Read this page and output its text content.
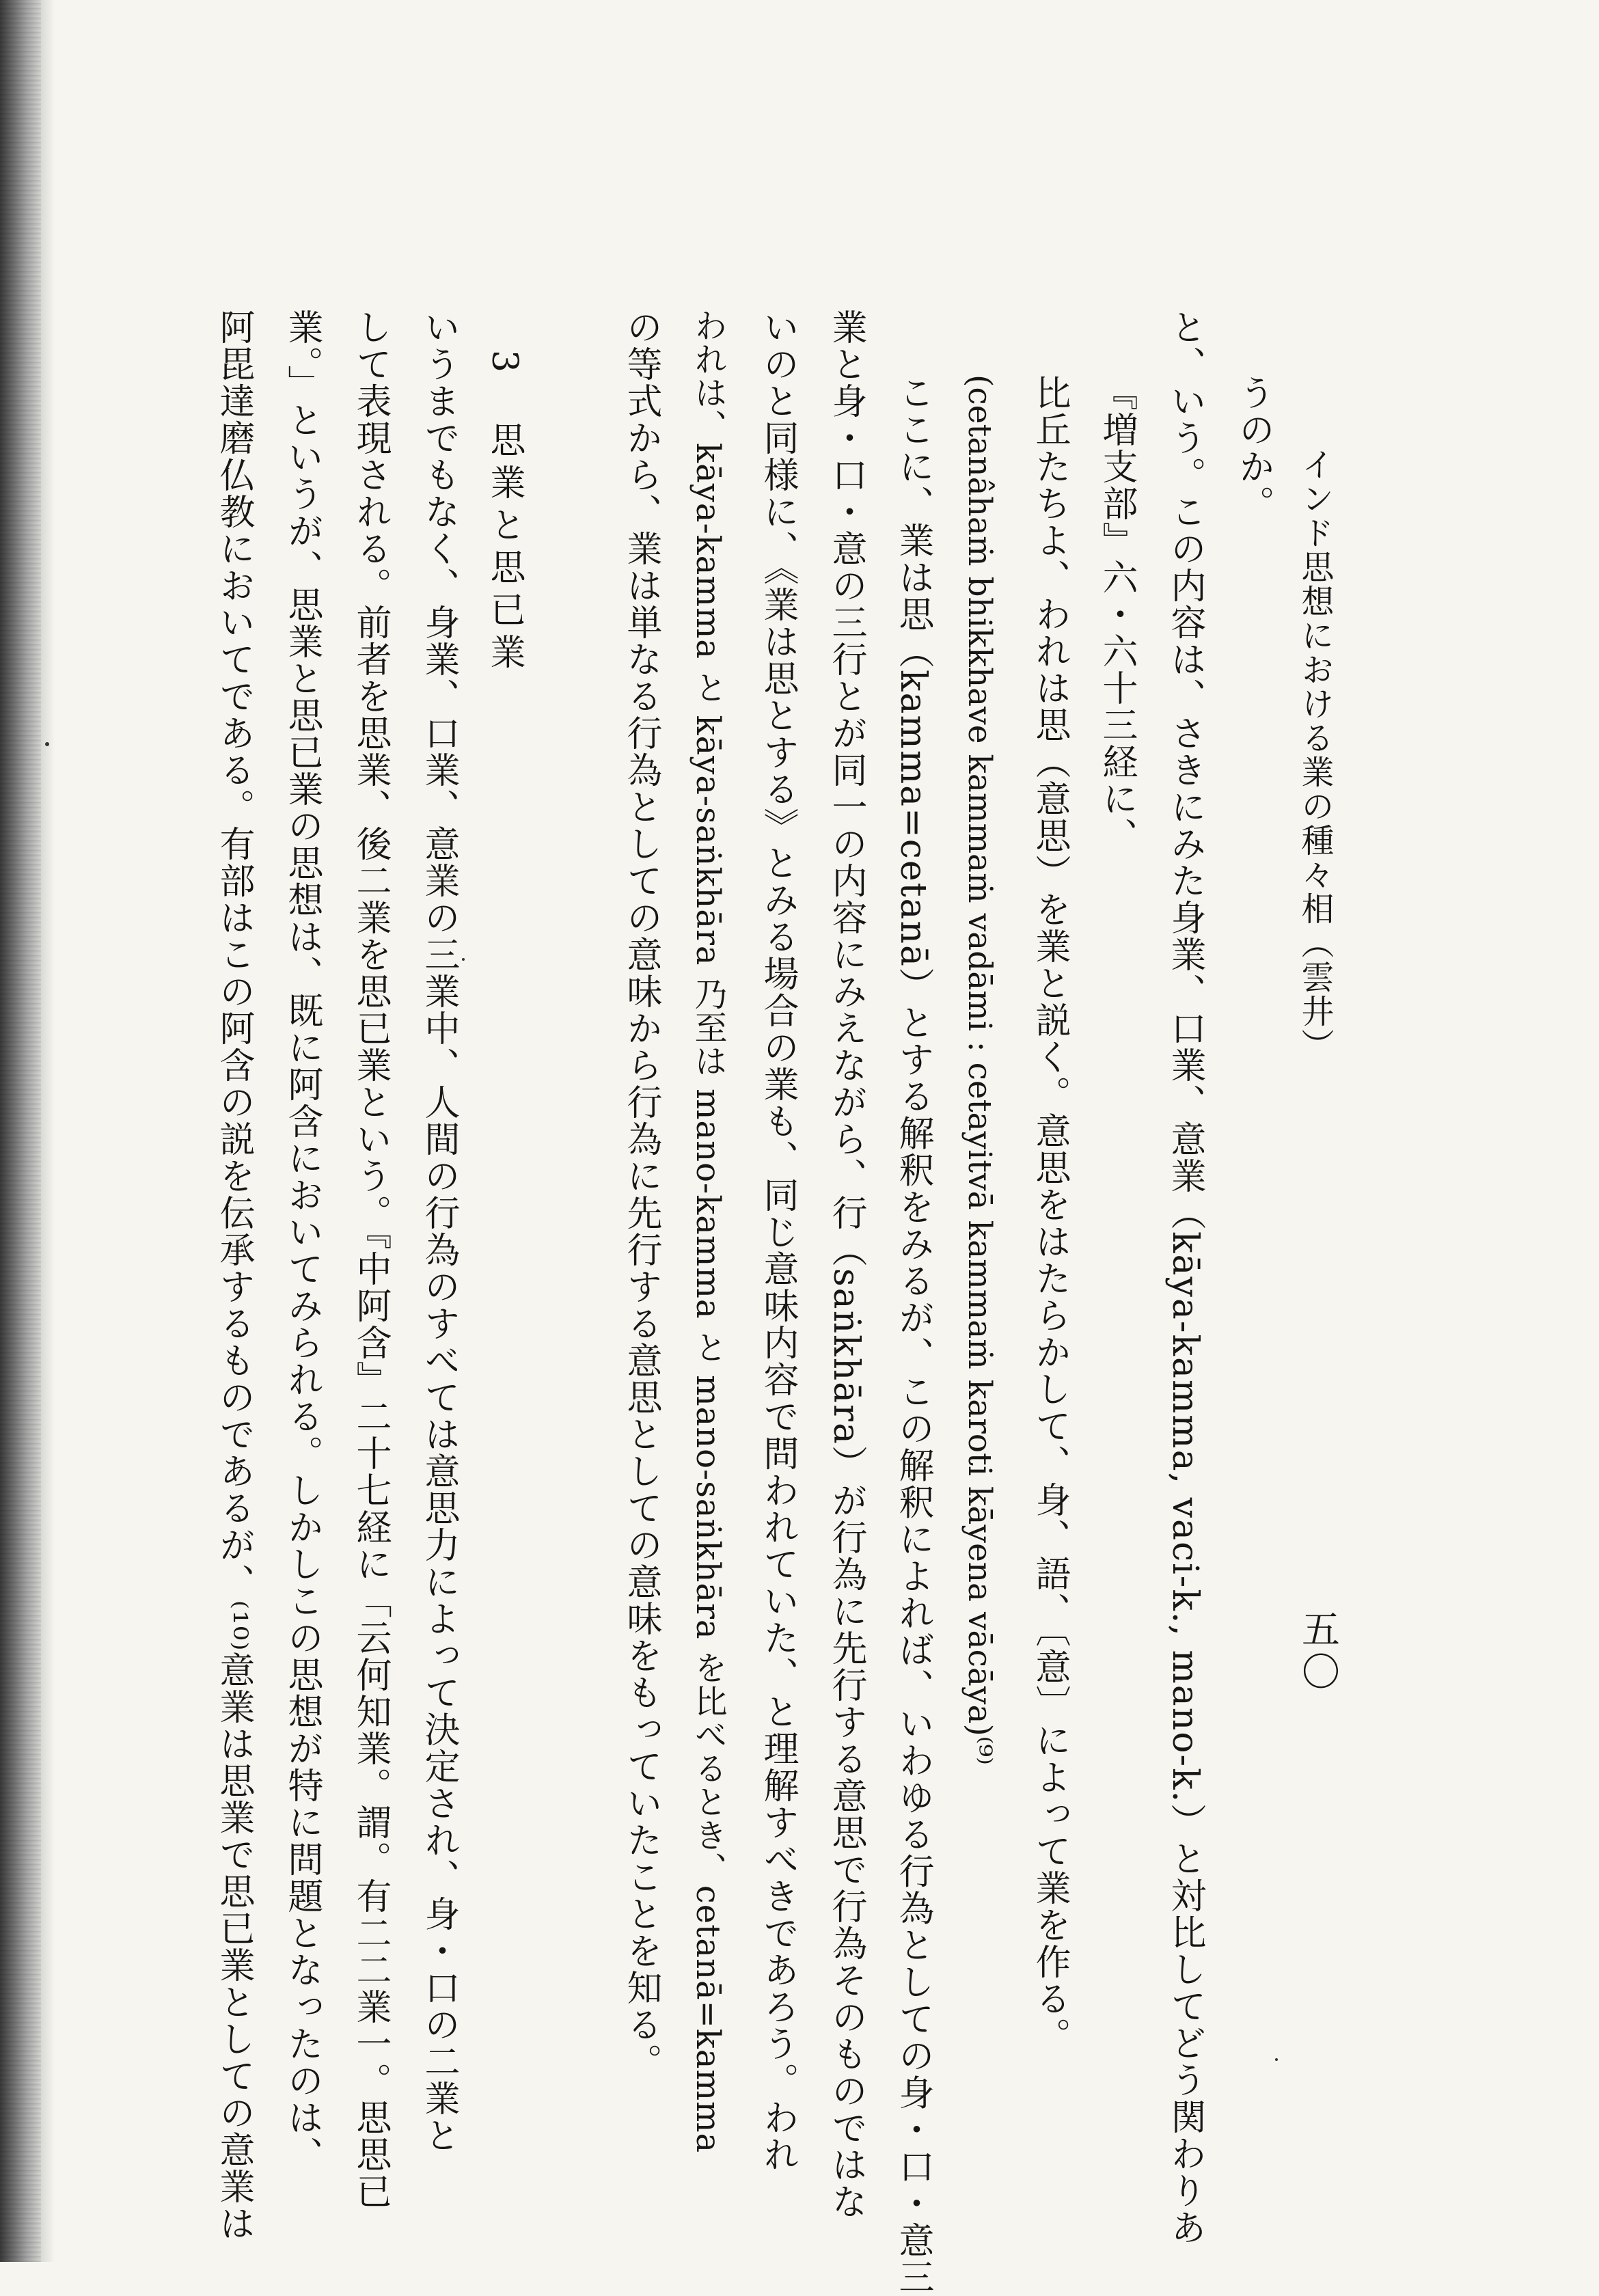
インド思想における業の種々相（雲井）
五〇
うのか。
と、いう。この内容は、さきにみた身業、口業、意業（kāya-kamma, vaci-k., mano-k.）と対比してどう関わりあ
『増支部』六・六十三経に、
比丘たちよ、われは思（意思）を業と説く。意思をはたらかして、身、語、〔意〕によって業を作る。
(cetanâhaṁ bhikkhave kammaṁ vadāmi : cetayitvā kammaṁ karoti kāyena vācāya)⁽⁹⁾
ここに、業は思（kamma=cetanā）とする解釈をみるが、この解釈によれば、いわゆる行為としての身・口・意三
業と身・口・意の三行とが同一の内容にみえながら、行（saṅkhāra）が行為に先行する意思で行為そのものではな
いのと同様に、《業は思とする》とみる場合の業も、同じ意味内容で問われていた、と理解すべきであろう。われ
われは、kāya-kamma と kāya-saṅkhāra 乃至は mano-kamma と mano-saṅkhāra を比べるとき、cetanā=kamma
の等式から、業は単なる行為としての意味から行為に先行する意思としての意味をもっていたことを知る。
3　思業と思已業
いうまでもなく、身業、口業、意業の三業中、人間の行為のすべては意思力によって決定され、身・口の二業と
して表現される。前者を思業、後二業を思已業という。『中阿含』二十七経に「云何知業。謂。有二二業一。思思已
業。」というが、思業と思已業の思想は、既に阿含においてみられる。しかしこの思想が特に問題となったのは、
阿毘達磨仏教においてである。有部はこの阿含の説を伝承するものであるが、⁽¹⁰⁾意業は思業で思已業としての意業は
